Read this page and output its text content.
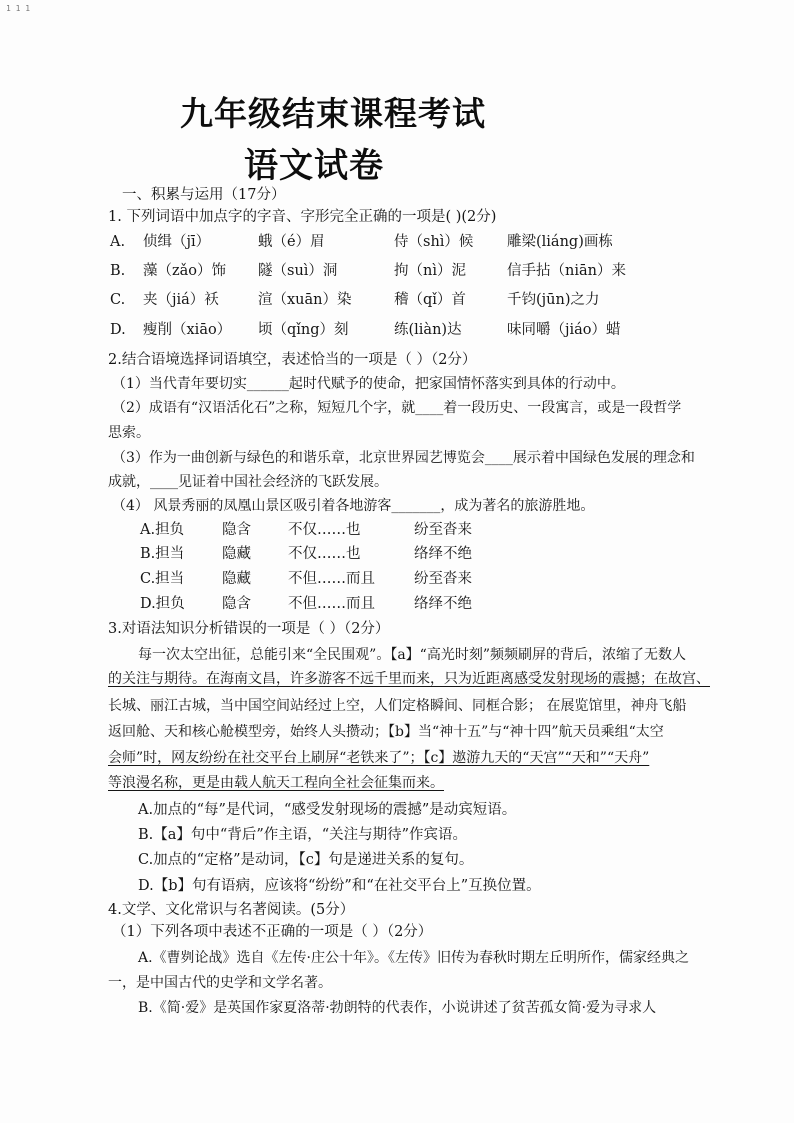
1 1 1
九年级结束课程考试
语文试卷
一、积累与运用（17分）
1. 下列词语中加点字的字音、字形完全正确的一项是( )(2分)
A. 侦缉（jī）	蛾（é）眉	侍（shì）候 雕梁(liáng)画栋
B. 藻（zǎo）饰 隧（suì）洞	拘（nì）泥	信手拈（niān）来
C. 夹（jiá）袄	渲（xuān）染	稽（qǐ）首	千钧(jūn)之力
D. 瘦削（xiāo） 顷（qǐng）刻	练(liàn)达	味同嚼（jiáo）蜡
2.结合语境选择词语填空，表述恰当的一项是（ ）（2分）
（1）当代青年要切实______起时代赋予的使命，把家国情怀落实到具体的行动中。
（2）成语有“汉语活化石”之称，短短几个字，就____着一段历史、一段寓言，或是一段哲学
思索。
（3）作为一曲创新与绿色的和谐乐章，北京世界园艺博览会____展示着中国绿色发展的理念和
成就，____见证着中国社会经济的飞跃发展。
（4） 风景秀丽的凤凰山景区吸引着各地游客_______，成为著名的旅游胜地。
A.担负	隐含	不仅……也	纷至沓来
B.担当	隐藏	不仅……也	络绎不绝
C.担当	隐藏	不但……而且	纷至沓来
D.担负	隐含	不但……而且	络绎不绝
3.对语法知识分析错误的一项是（ ）（2分）
每一次太空出征，总能引来“全民围观”。【a】“高光时刻”频频刷屏的背后，浓缩了无数人
的关注与期待。在海南文昌，许多游客不远千里而来，只为近距离感受发射现场的震撼；在故宫、
长城、丽江古城，当中国空间站经过上空，人们定格瞬间、同框合影； 在展览馆里，神舟飞船
返回舱、天和核心舱模型旁，始终人头攒动；【b】当“神十五”与“神十四”航天员乘组“太空
会师”时，网友纷纷在社交平台上刷屏“老铁来了”；【c】遨游九天的“天宫”“天和”“天舟”
等浪漫名称，更是由载人航天工程向全社会征集而来。
A.加点的“每”是代词，“感受发射现场的震撼”是动宾短语。
B.【a】句中“背后”作主语，“关注与期待”作宾语。
C.加点的“定格”是动词，【c】句是递进关系的复句。
D.【b】句有语病，应该将“纷纷”和“在社交平台上”互换位置。
4.文学、文化常识与名著阅读。(5分）
（1）下列各项中表述不正确的一项是（ ）（2分）
A.《曹刿论战》选自《左传·庄公十年》。《左传》旧传为春秋时期左丘明所作，儒家经典之
一，是中国古代的史学和文学名著。
B.《简·爱》是英国作家夏洛蒂·勃朗特的代表作，小说讲述了贫苦孤女简·爱为寻求人
